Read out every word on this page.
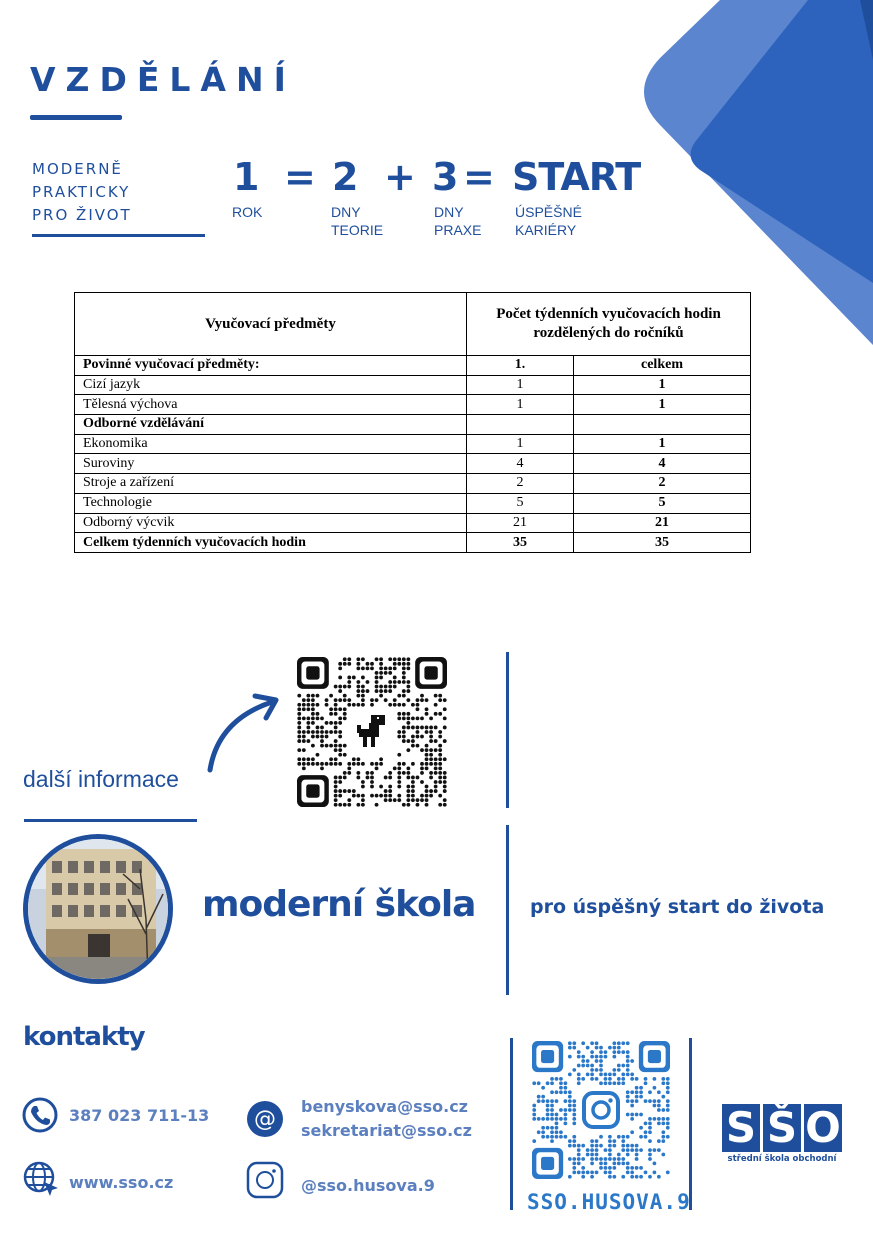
VZDĚLÁNÍ
MODERNĚ
PRAKTICKY
PRO ŽIVOT
1 = 2 + 3 = START
ROK	DNY
TEORIE
DNY
PRAXE
ÚSPĚŠNÉ
KARIÉRY
Vyučovací předměty	Počet týdenních vyučovacích hodin
rozdělených do ročníků	

Povinné vyučovací předměty:	1.	celkem
Cizí jazyk	1	1
Tělesná výchova	1	1
Odborné vzdělávání		
Ekonomika	1	1
Suroviny	4	4
Stroje a zařízení	2	2
Technologie	5	5
Odborný výcvik	21	21
Celkem týdenních vyučovacích hodin	35	35
další informace
moderní škola	pro úspěšný start do života
kontakty
387 023 711-13
www.sso.cz
@
benyskova@sso.cz
sekretariat@sso.cz
@sso.husova.9
SSO.HUSOVA.9
S Š O
střední škola obchodní
